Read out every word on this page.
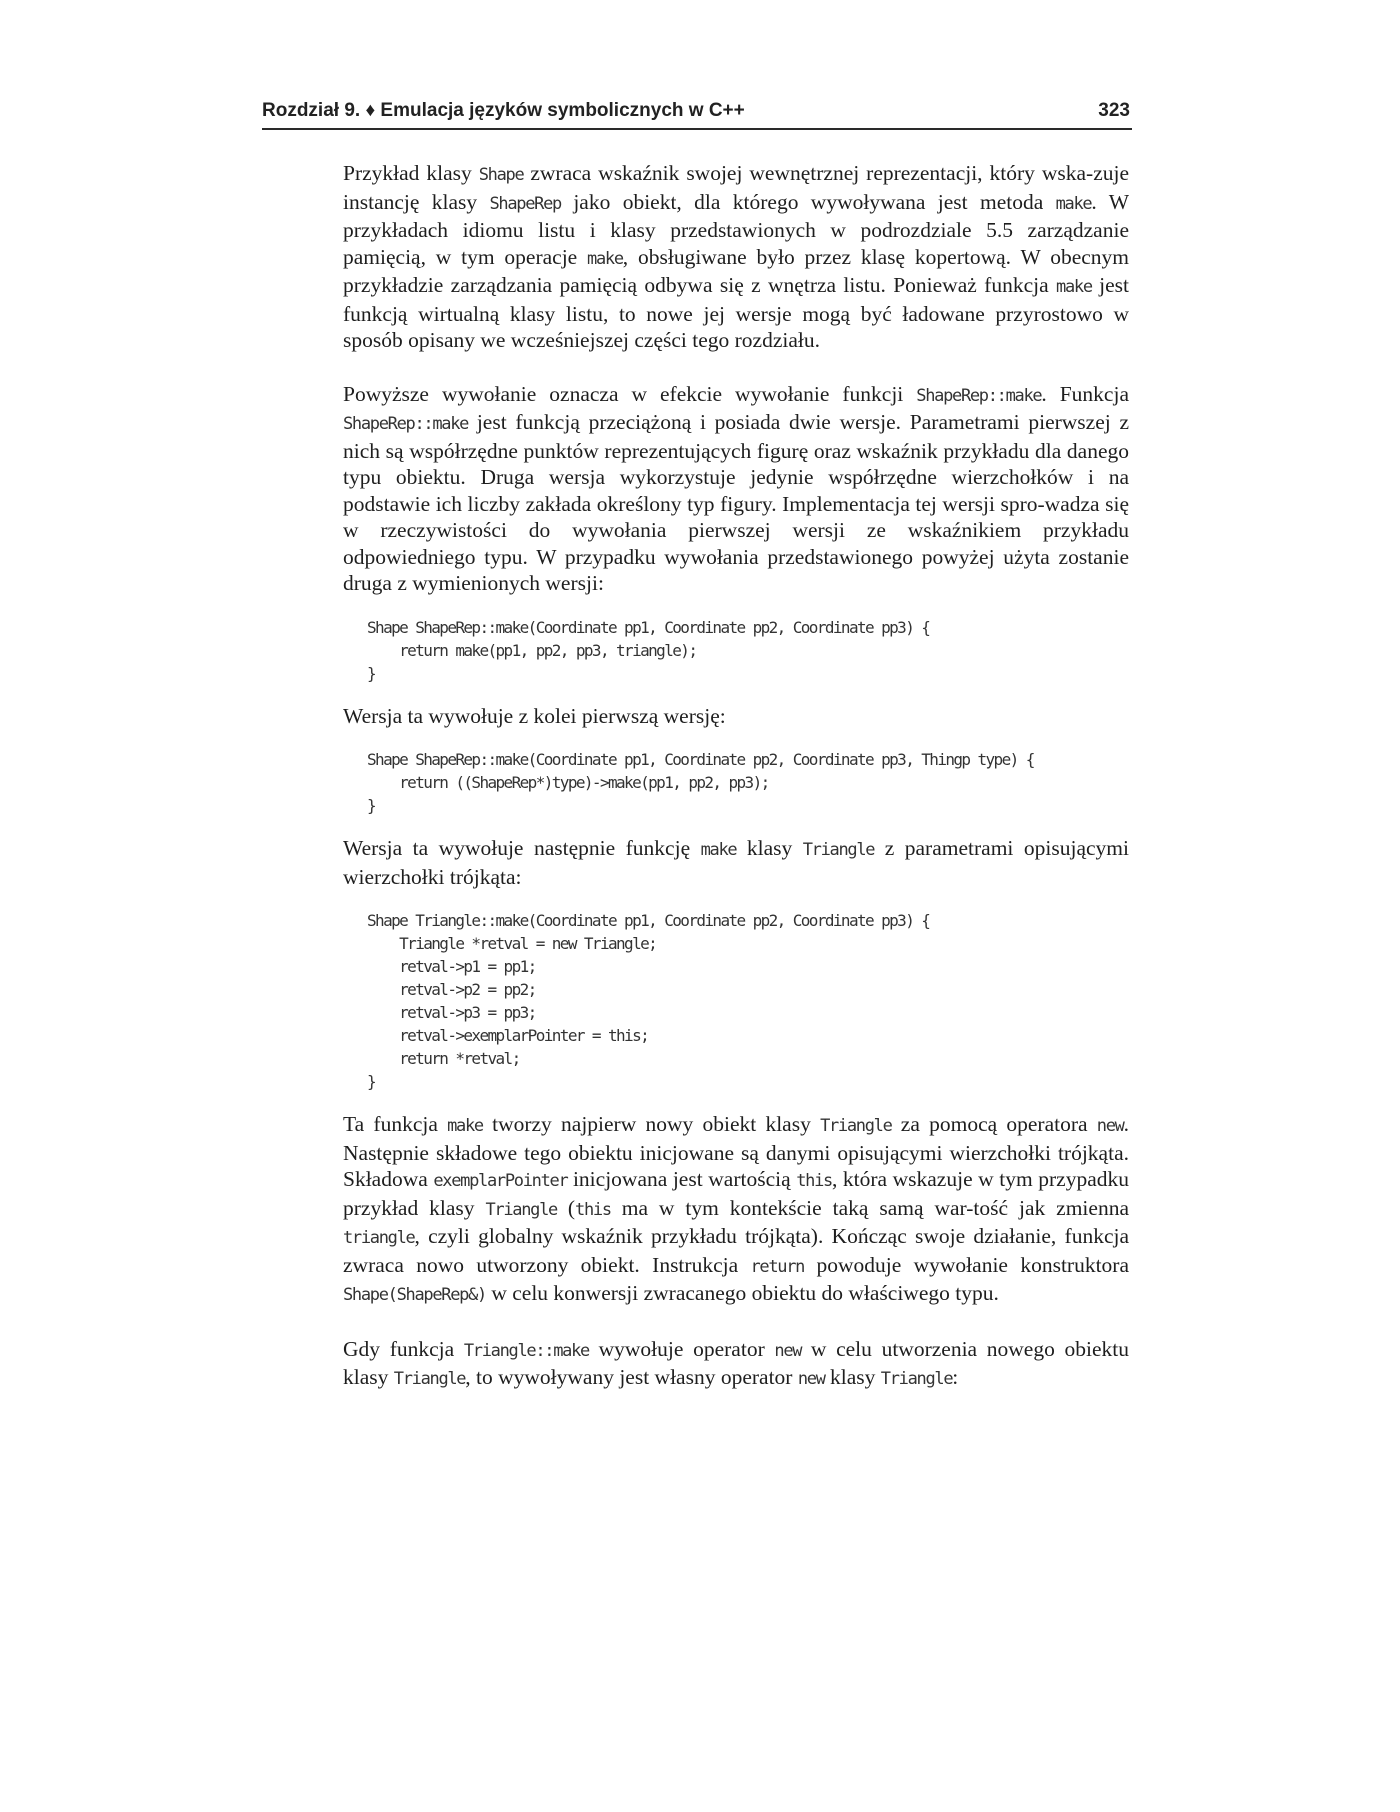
Rozdział 9. ♦ Emulacja języków symbolicznych w C++	323

Przykład klasy Shape zwraca wskaźnik swojej wewnętrznej reprezentacji, który wska-zuje instancję klasy ShapeRep jako obiekt, dla którego wywoływana jest metoda make. W przykładach idiomu listu i klasy przedstawionych w podrozdziale 5.5 zarządzanie pamięcią, w tym operacje make, obsługiwane było przez klasę kopertową. W obecnym przykładzie zarządzania pamięcią odbywa się z wnętrza listu. Ponieważ funkcja make jest funkcją wirtualną klasy listu, to nowe jej wersje mogą być ładowane przyrostowo w sposób opisany we wcześniejszej części tego rozdziału.

Powyższe wywołanie oznacza w efekcie wywołanie funkcji ShapeRep::make. Funkcja ShapeRep::make jest funkcją przeciążoną i posiada dwie wersje. Parametrami pierwszej z nich są współrzędne punktów reprezentujących figurę oraz wskaźnik przykładu dla danego typu obiektu. Druga wersja wykorzystuje jedynie współrzędne wierzchołków i na podstawie ich liczby zakłada określony typ figury. Implementacja tej wersji spro-wadza się w rzeczywistości do wywołania pierwszej wersji ze wskaźnikiem przykładu odpowiedniego typu. W przypadku wywołania przedstawionego powyżej użyta zostanie druga z wymienionych wersji:

Shape ShapeRep::make(Coordinate pp1, Coordinate pp2, Coordinate pp3) {
return make(pp1, pp2, pp3, triangle);
}

Wersja ta wywołuje z kolei pierwszą wersję:

Shape ShapeRep::make(Coordinate pp1, Coordinate pp2, Coordinate pp3, Thingp type) {
return ((ShapeRep*)type)->make(pp1, pp2, pp3);
}

Wersja ta wywołuje następnie funkcję make klasy Triangle z parametrami opisującymi wierzchołki trójkąta:

Shape Triangle::make(Coordinate pp1, Coordinate pp2, Coordinate pp3) {
Triangle *retval = new Triangle;
retval->p1 = pp1;
retval->p2 = pp2;
retval->p3 = pp3;
retval->exemplarPointer = this;
return *retval;
}

Ta funkcja make tworzy najpierw nowy obiekt klasy Triangle za pomocą operatora new. Następnie składowe tego obiektu inicjowane są danymi opisującymi wierzchołki trójkąta. Składowa exemplarPointer inicjowana jest wartością this, która wskazuje w tym przypadku przykład klasy Triangle (this ma w tym kontekście taką samą war-tość jak zmienna triangle, czyli globalny wskaźnik przykładu trójkąta). Kończąc swoje działanie, funkcja zwraca nowo utworzony obiekt. Instrukcja return powoduje wywołanie konstruktora Shape(ShapeRep&) w celu konwersji zwracanego obiektu do właściwego typu.

Gdy funkcja Triangle::make wywołuje operator new w celu utworzenia nowego obiektu klasy Triangle, to wywoływany jest własny operator new klasy Triangle:
